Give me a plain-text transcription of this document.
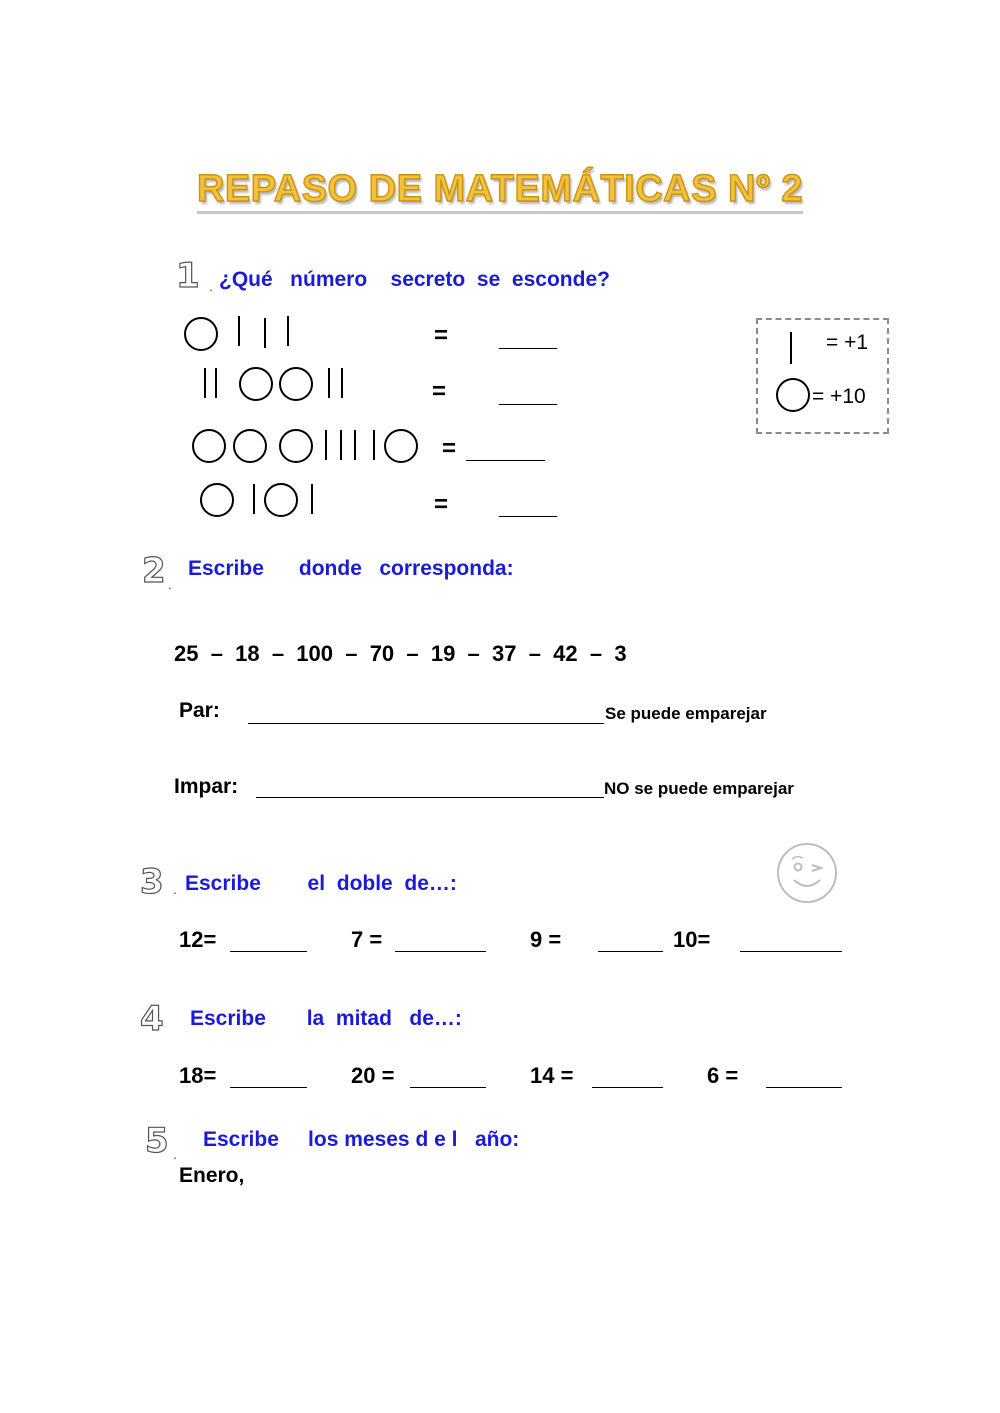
REPASO DE MATEMÁTICAS Nº 2
1 . ¿Qué   número    secreto  se  esconde?
=
=
=
=
= +1
= +10
2 .
Escribe      donde   corresponda:
25  –  18  –  100  –  70  –  19  –  37  –  42  –  3
Par:	Se puede emparejar
Impar:	NO se puede emparejar
3 . Escribe        el  doble  de…:
12=	7 =	9 =	10=
4 Escribe       la  mitad   de…:
18=	20 =	14 =	6 =
5 .
Escribe     los meses d e l   año:
Enero,
